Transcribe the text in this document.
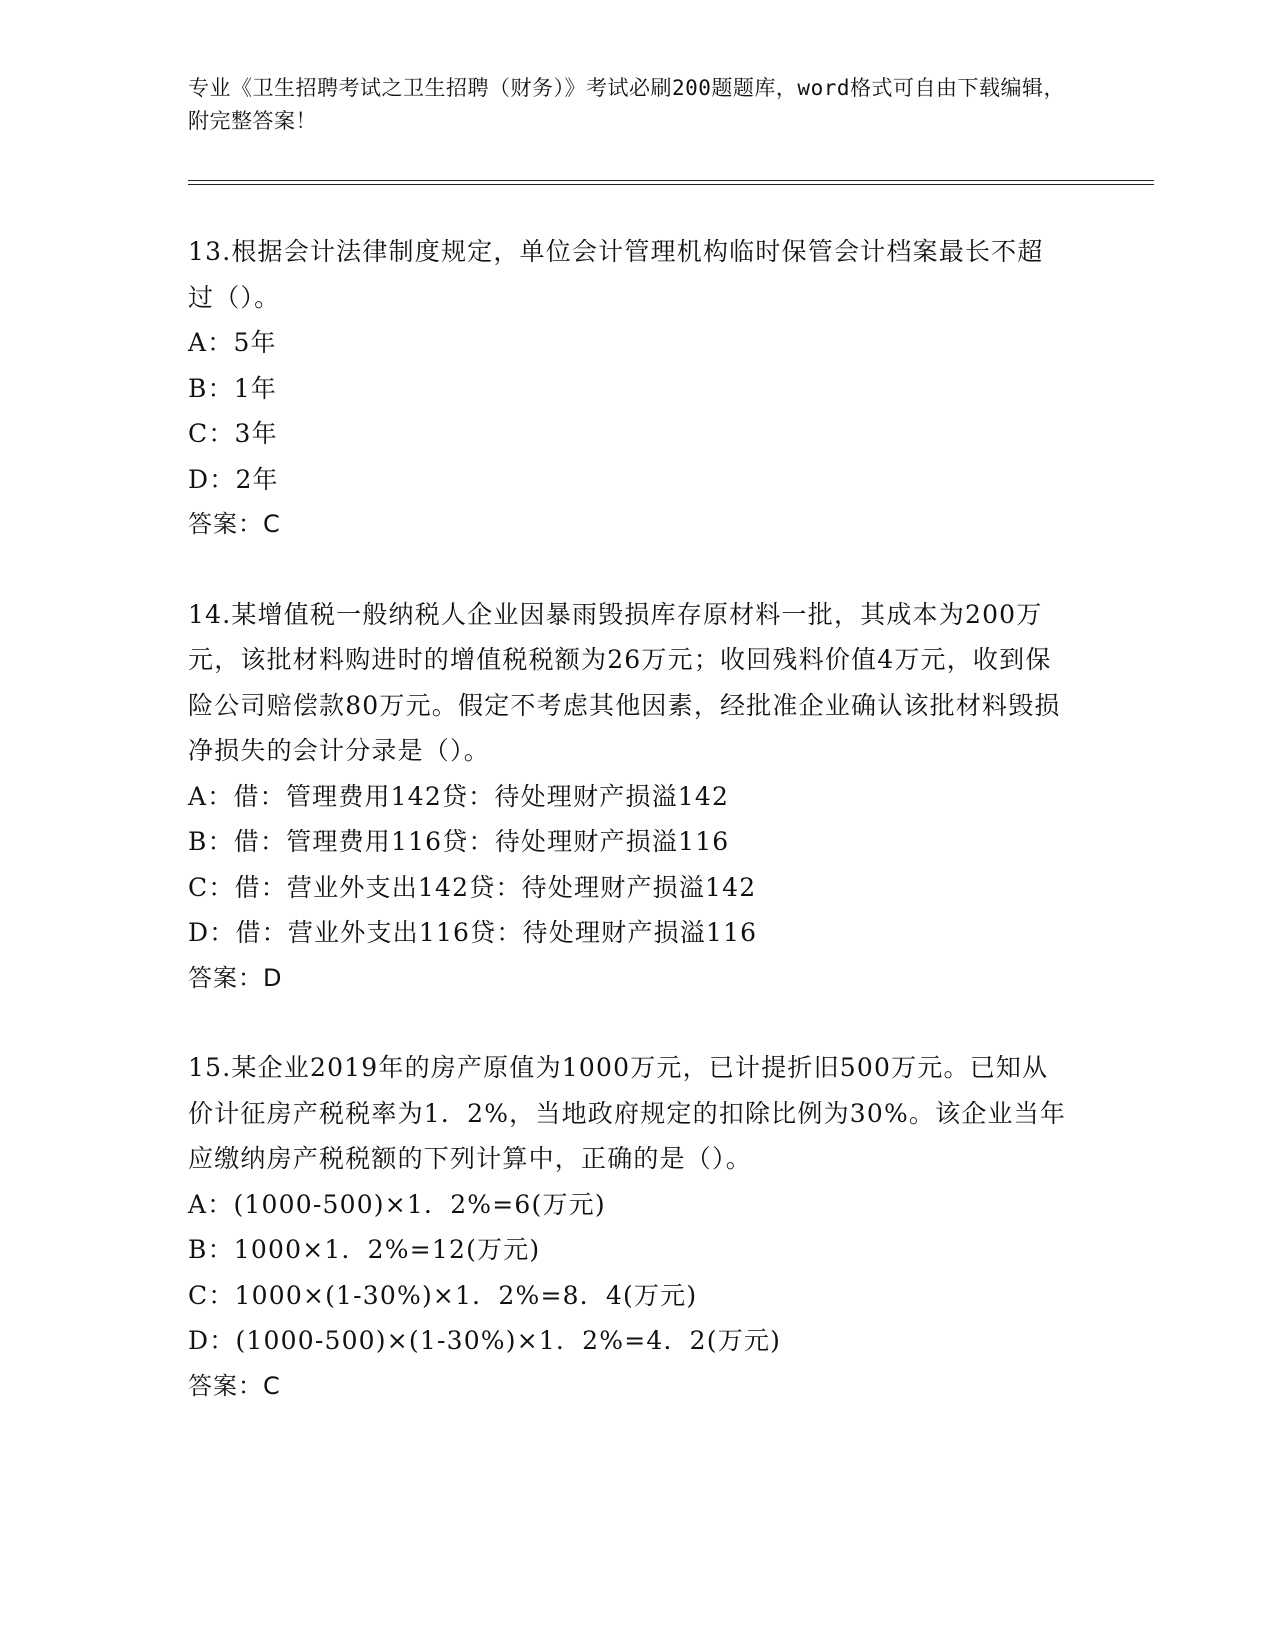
专业《卫生招聘考试之卫生招聘（财务）》考试必刷200题题库，word格式可自由下载编辑，附完整答案！

13.根据会计法律制度规定，单位会计管理机构临时保管会计档案最长不超过（）。

A：5年

B：1年

C：3年

D：2年

答案：C

14.某增值税一般纳税人企业因暴雨毁损库存原材料一批，其成本为200万元，该批材料购进时的增值税税额为26万元；收回残料价值4万元，收到保险公司赔偿款80万元。假定不考虑其他因素，经批准企业确认该批材料毁损净损失的会计分录是（）。

A：借：管理费用142贷：待处理财产损溢142

B：借：管理费用116贷：待处理财产损溢116

C：借：营业外支出142贷：待处理财产损溢142

D：借：营业外支出116贷：待处理财产损溢116

答案：D

15.某企业2019年的房产原值为1000万元，已计提折旧500万元。已知从价计征房产税税率为1．2%，当地政府规定的扣除比例为30%。该企业当年应缴纳房产税税额的下列计算中，正确的是（）。

A：(1000-500)×1．2%=6(万元)

B：1000×1．2%=12(万元)

C：1000×(1-30%)×1．2%=8．4(万元)

D：(1000-500)×(1-30%)×1．2%=4．2(万元)

答案：C
